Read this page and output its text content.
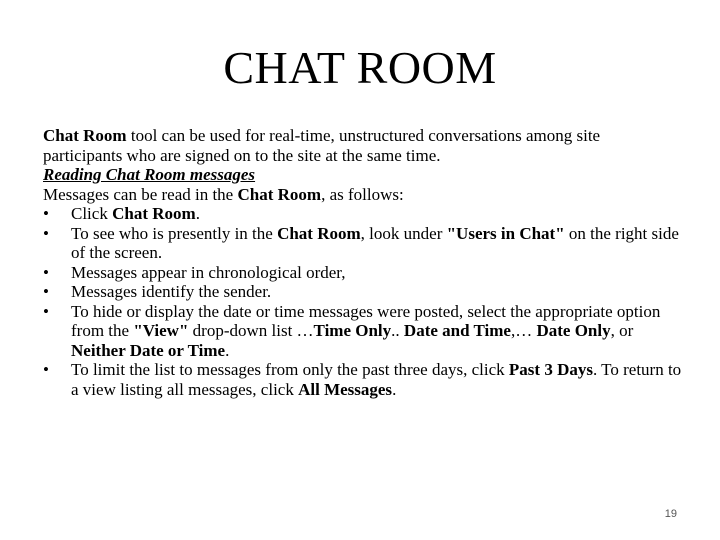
CHAT ROOM

Chat Room tool can be used for real-time, unstructured conversations among site participants who are signed on to the site at the same time.

Reading Chat Room messages

Messages can be read in the Chat Room, as follows:

•	Click Chat Room.
•	To see who is presently in the Chat Room, look under "Users in Chat" on the right side of the screen.
•	Messages appear in chronological order,
•	Messages identify the sender.
•	To hide or display the date or time messages were posted, select the appropriate option from the "View" drop-down list …Time Only.. Date and Time,… Date Only, or Neither Date or Time.
•	To limit the list to messages from only the past three days, click Past 3 Days. To return to a view listing all messages, click All Messages.
19
